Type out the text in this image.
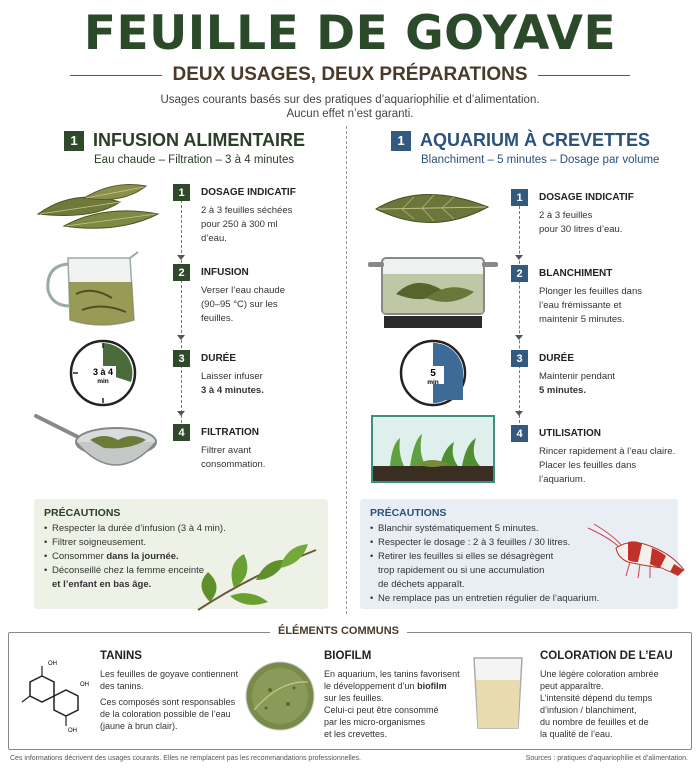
FEUILLE DE GOYAVE
DEUX USAGES, DEUX PRÉPARATIONS
Usages courants basés sur des pratiques d’aquariophilie et d’alimentation.
Aucun effet n’est garanti.
1 INFUSION ALIMENTAIRE
Eau chaude – Filtration – 3 à 4 minutes
1 AQUARIUM À CREVETTES
Blanchiment – 5 minutes – Dosage par volume
3 à 4
min
1	DOSAGE INDICATIF
2 à 3 feuilles séchées
pour 250 à 300 ml
d’eau.
2	INFUSION
Verser l’eau chaude
(90–95 °C) sur les
feuilles.
3	DURÉE
Laisser infuser
3 à 4 minutes.
4	FILTRATION
Filtrer avant
consommation.
5
min
1	DOSAGE INDICATIF
2 à 3 feuilles
pour 30 litres d’eau.
2	BLANCHIMENT
Plonger les feuilles dans
l’eau frémissante et
maintenir 5 minutes.
3	DURÉE
Maintenir pendant
5 minutes.
4	UTILISATION
Rincer rapidement à l’eau claire.
Placer les feuilles dans
l’aquarium.
PRÉCAUTIONS
• Respecter la durée d’infusion (3 à 4 min).
• Filtrer soigneusement.
• Consommer dans la journée.
• Déconseillé chez la femme enceinte
et l’enfant en bas âge.
PRÉCAUTIONS
• Blanchir systématiquement 5 minutes.
• Respecter le dosage : 2 à 3 feuilles / 30 litres.
• Retirer les feuilles si elles se désagrègent
trop rapidement ou si une accumulation
de déchets apparaît.
• Ne remplace pas un entretien régulier de l’aquarium.
ÉLÉMENTS COMMUNS
OH
OH
OH
TANINS
Les feuilles de goyave contiennent
des tanins.
Ces composés sont responsables
de la coloration possible de l’eau
(jaune à brun clair).
BIOFILM
En aquarium, les tanins favorisent
le développement d’un biofilm
sur les feuilles.
Celui-ci peut être consommé
par les micro-organismes
et les crevettes.
COLORATION DE L’EAU
Une légère coloration ambrée
peut apparaître.
L’intensité dépend du temps
d’infusion / blanchiment,
du nombre de feuilles et de
la qualité de l’eau.
Ces informations décrivent des usages courants. Elles ne remplacent pas les recommandations professionnelles.	Sources : pratiques d’aquariophilie et d’alimentation.
